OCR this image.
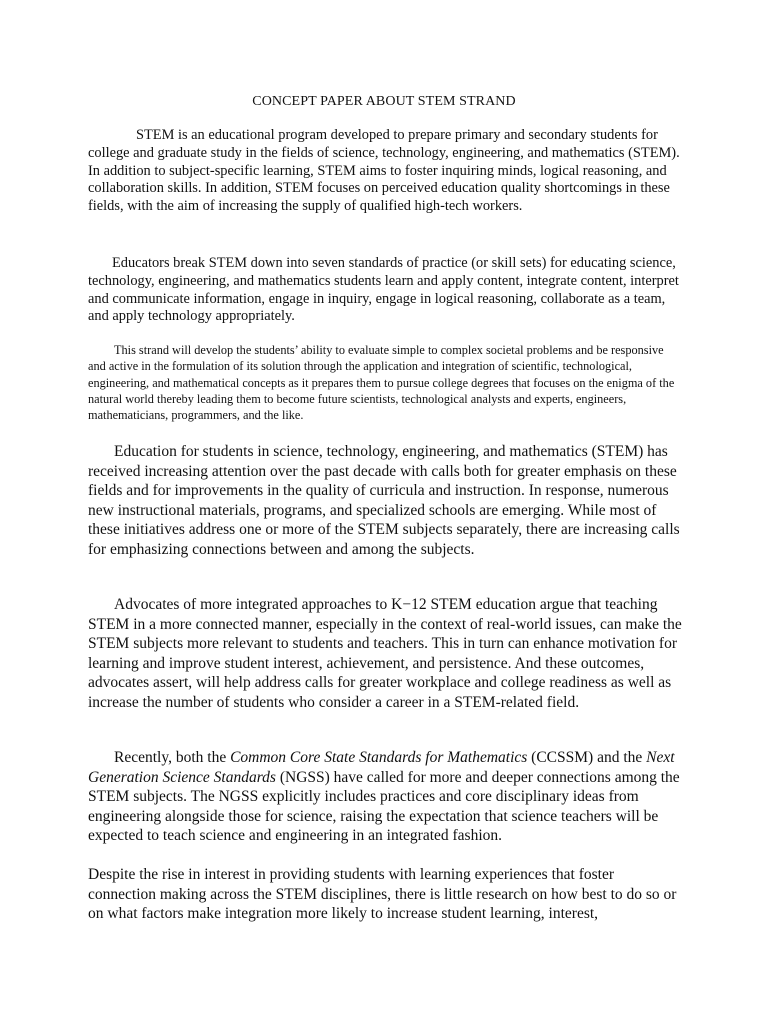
CONCEPT PAPER ABOUT STEM STRAND

STEM is an educational program developed to prepare primary and secondary students for college and graduate study in the fields of science, technology, engineering, and mathematics (STEM). In addition to subject-specific learning, STEM aims to foster inquiring minds, logical reasoning, and collaboration skills. In addition, STEM focuses on perceived education quality shortcomings in these fields, with the aim of increasing the supply of qualified high-tech workers.

Educators break STEM down into seven standards of practice (or skill sets) for educating science, technology, engineering, and mathematics students learn and apply content, integrate content, interpret and communicate information, engage in inquiry, engage in logical reasoning, collaborate as a team, and apply technology appropriately.

This strand will develop the students’ ability to evaluate simple to complex societal problems and be responsive and active in the formulation of its solution through the application and integration of scientific, technological, engineering, and mathematical concepts as it prepares them to pursue college degrees that focuses on the enigma of the natural world thereby leading them to become future scientists, technological analysts and experts, engineers, mathematicians, programmers, and the like.

Education for students in science, technology, engineering, and mathematics (STEM) has received increasing attention over the past decade with calls both for greater emphasis on these fields and for improvements in the quality of curricula and instruction. In response, numerous new instructional materials, programs, and specialized schools are emerging. While most of these initiatives address one or more of the STEM subjects separately, there are increasing calls for emphasizing connections between and among the subjects.

Advocates of more integrated approaches to K−12 STEM education argue that teaching STEM in a more connected manner, especially in the context of real-world issues, can make the STEM subjects more relevant to students and teachers. This in turn can enhance motivation for learning and improve student interest, achievement, and persistence. And these outcomes, advocates assert, will help address calls for greater workplace and college readiness as well as increase the number of students who consider a career in a STEM-related field.

Recently, both the Common Core State Standards for Mathematics (CCSSM) and the Next Generation Science Standards (NGSS) have called for more and deeper connections among the STEM subjects. The NGSS explicitly includes practices and core disciplinary ideas from engineering alongside those for science, raising the expectation that science teachers will be expected to teach science and engineering in an integrated fashion.

Despite the rise in interest in providing students with learning experiences that foster connection making across the STEM disciplines, there is little research on how best to do so or on what factors make integration more likely to increase student learning, interest,
